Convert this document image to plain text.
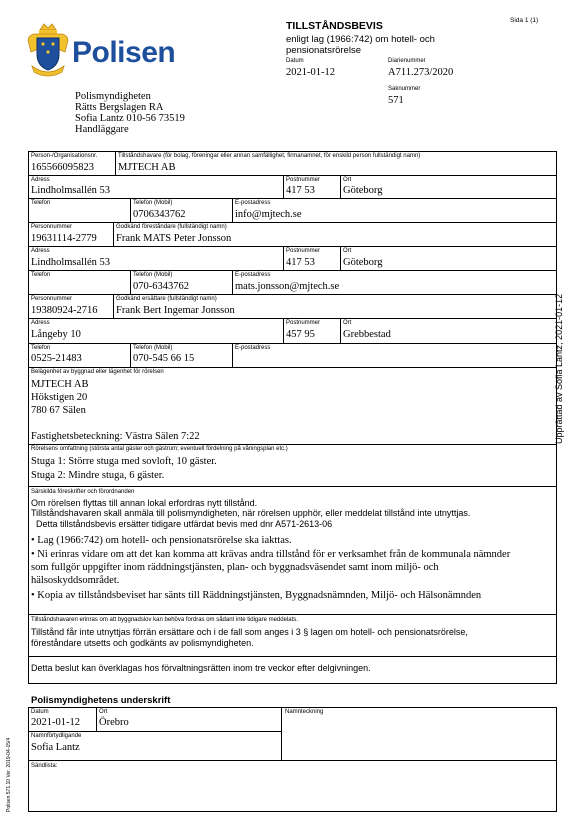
Polisen
TILLSTÅNDSBEVIS
enligt lag (1966:742) om hotell- och
pensionatsrörelse
Sida 1 (1)
Datum
2021-01-12
Diarienummer
A711.273/2020
Saknummer
571
Polismyndigheten
Rätts Bergslagen RA
Sofia Lantz 010-56 73519
Handläggare
Person-/Organisationsnr.
165566095823
Tillståndshavare (för bolag, föreningar eller annan samfällighet, firmanamnet, för enskild person fullständigt namn)
MJTECH AB
Adress
Lindholmsallén 53
Postnummer
417 53
Ort
Göteborg
Telefon	Telefon (Mobil)
0706343762
E-postadress
info@mjtech.se
Personnummer
19631114-2779
Godkänd föreståndare (fullständigt namn)
Frank MATS Peter Jonsson
Adress
Lindholmsallén 53
Postnummer
417 53
Ort
Göteborg
Telefon	Telefon (Mobil)
070-6343762
E-postadress
mats.jonsson@mjtech.se
Personnummer
19380924-2716
Godkänd ersättare (fullständigt namn)
Frank Bert Ingemar Jonsson
Adress
Långeby 10
Postnummer
457 95
Ort
Grebbestad
Telefon
0525-21483
Telefon (Mobil)
070-545 66 15
E-postadress
Belägenhet av byggnad eller lägenhet för rörelsen
MJTECH AB
Hökstigen 20
780 67 Sälen
Fastighetsbeteckning: Västra Sälen 7:22
Rörelsens omfattning (största antal gäster och gästrum; eventuell fördelning på våningsplan etc.)
Stuga 1: Större stuga med sovloft, 10 gäster.
Stuga 2: Mindre stuga, 6 gäster.
Särskilda föreskrifter och förordnanden
Om rörelsen flyttas till annan lokal erfordras nytt tillstånd.
Tillståndshavaren skall anmäla till polismyndigheten, när rörelsen upphör, eller meddelat tillstånd inte utnyttjas.
Detta tillståndsbevis ersätter tidigare utfärdat bevis med dnr A571-2613-06
• Lag (1966:742) om hotell- och pensionatsrörelse ska iakttas.
• Ni erinras vidare om att det kan komma att krävas andra tillstånd för er verksamhet från de kommunala nämnder
som fullgör uppgifter inom räddningstjänsten, plan- och byggnadsväsendet samt inom miljö- och
hälsoskyddsområdet.
• Kopia av tillståndsbeviset har sänts till Räddningstjänsten, Byggnadsnämnden, Miljö- och Hälsonämnden
Tillståndshavaren erinras om att byggnadslov kan behöva fordras om sådant inte tidigare meddelats.
Tillstånd får inte utnyttjas förrän ersättare och i de fall som anges i 3 § lagen om hotell- och pensionatsrörelse,
föreståndare utsetts och godkänts av polismyndigheten.
Detta beslut kan överklagas hos förvaltningsrätten inom tre veckor efter delgivningen.
Polismyndighetens underskrift
Datum
2021-01-12
Ort
Örebro
Namnteckning
Namnförtydligande
Sofia Lantz
Sändlista:
Upprättad av Sofia Lantz, 2021-01-12
Polisen 571.10 Ver. 2019-04-15/4
